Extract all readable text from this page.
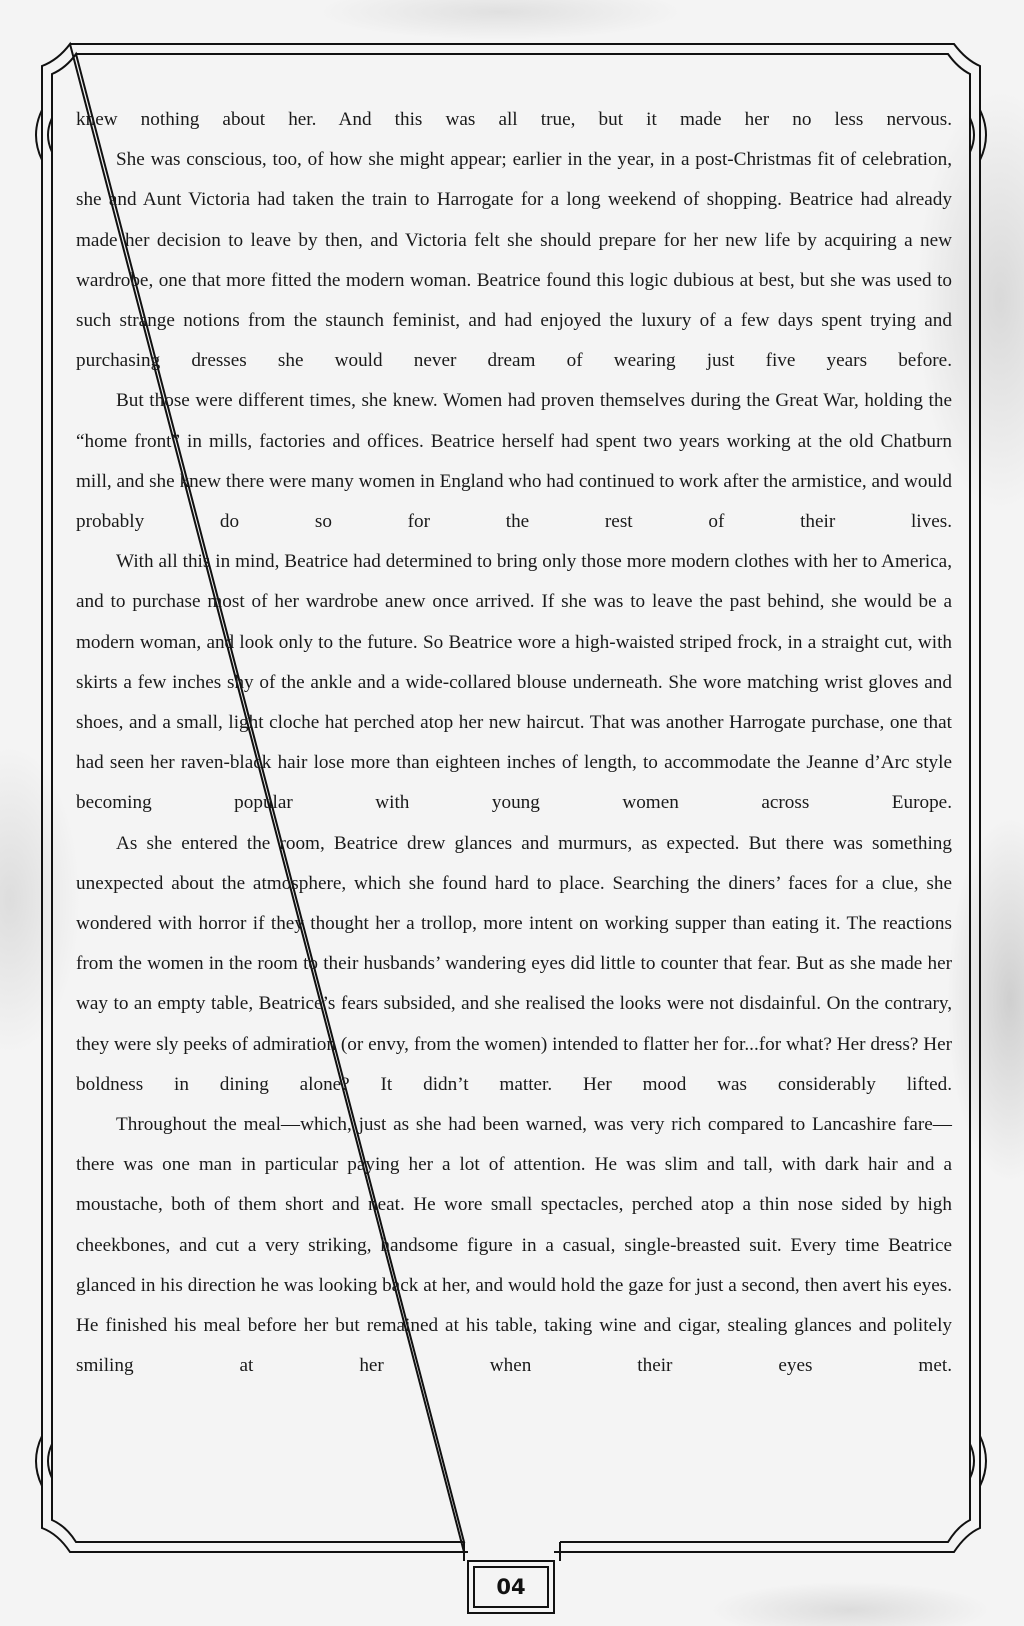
knew nothing about her. And this was all true, but it made her no less nervous.

She was conscious, too, of how she might appear; earlier in the year, in a post-Christmas fit of celebration, she and Aunt Victoria had taken the train to Harrogate for a long weekend of shopping. Beatrice had already made her decision to leave by then, and Victoria felt she should prepare for her new life by acquiring a new wardrobe, one that more fitted the modern woman. Beatrice found this logic dubious at best, but she was used to such strange notions from the staunch feminist, and had enjoyed the luxury of a few days spent trying and purchasing dresses she would never dream of wearing just five years before.

But those were different times, she knew. Women had proven themselves during the Great War, holding the “home front” in mills, factories and offices. Beatrice herself had spent two years working at the old Chatburn mill, and she knew there were many women in England who had continued to work after the armistice, and would probably do so for the rest of their lives.

With all this in mind, Beatrice had determined to bring only those more modern clothes with her to America, and to purchase most of her wardrobe anew once arrived. If she was to leave the past behind, she would be a modern woman, and look only to the future. So Beatrice wore a high-waisted striped frock, in a straight cut, with skirts a few inches shy of the ankle and a wide-collared blouse underneath. She wore matching wrist gloves and shoes, and a small, light cloche hat perched atop her new haircut. That was another Harrogate purchase, one that had seen her raven-black hair lose more than eighteen inches of length, to accommodate the Jeanne d’Arc style becoming popular with young women across Europe.

As she entered the room, Beatrice drew glances and murmurs, as expected. But there was something unexpected about the atmosphere, which she found hard to place. Searching the diners’ faces for a clue, she wondered with horror if they thought her a trollop, more intent on working supper than eating it. The reactions from the women in the room to their husbands’ wandering eyes did little to counter that fear. But as she made her way to an empty table, Beatrice’s fears subsided, and she realised the looks were not disdainful. On the contrary, they were sly peeks of admiration (or envy, from the women) intended to flatter her for...for what? Her dress? Her boldness in dining alone? It didn’t matter. Her mood was considerably lifted.

Throughout the meal—which, just as she had been warned, was very rich compared to Lancashire fare—there was one man in particular paying her a lot of attention. He was slim and tall, with dark hair and a moustache, both of them short and neat. He wore small spectacles, perched atop a thin nose sided by high cheekbones, and cut a very striking, handsome figure in a casual, single-breasted suit. Every time Beatrice glanced in his direction he was looking back at her, and would hold the gaze for just a second, then avert his eyes. He finished his meal before her but remained at his table, taking wine and cigar, stealing glances and politely smiling at her when their eyes met.

04
